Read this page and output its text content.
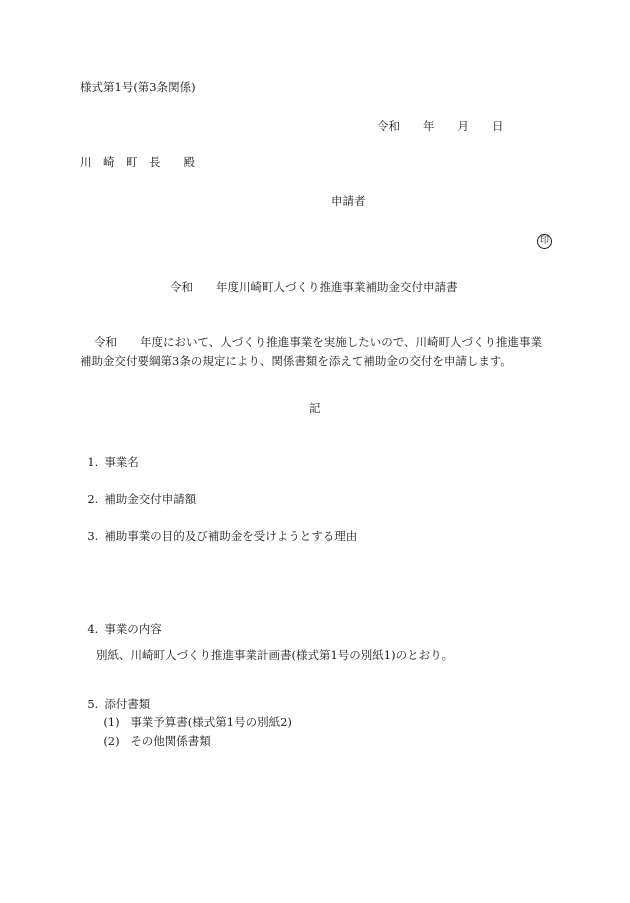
様式第1号(第3条関係)
令和　　年　　月　　日
川　崎　町　長　　殿
申請者
印
令和　　年度川崎町人づくり推進事業補助金交付申請書
令和　　年度において、人づくり推進事業を実施したいので、川崎町人づくり推進事業
補助金交付要綱第3条の規定により、関係書類を添えて補助金の交付を申請します。
記

1. 事業名

2. 補助金交付申請額

3. 補助事業の目的及び補助金を受けようとする理由

4. 事業の内容

別紙、川崎町人づくり推進事業計画書(様式第1号の別紙1)のとおり。

5. 添付書類

(1) 事業予算書(様式第1号の別紙2)

(2) その他関係書類
